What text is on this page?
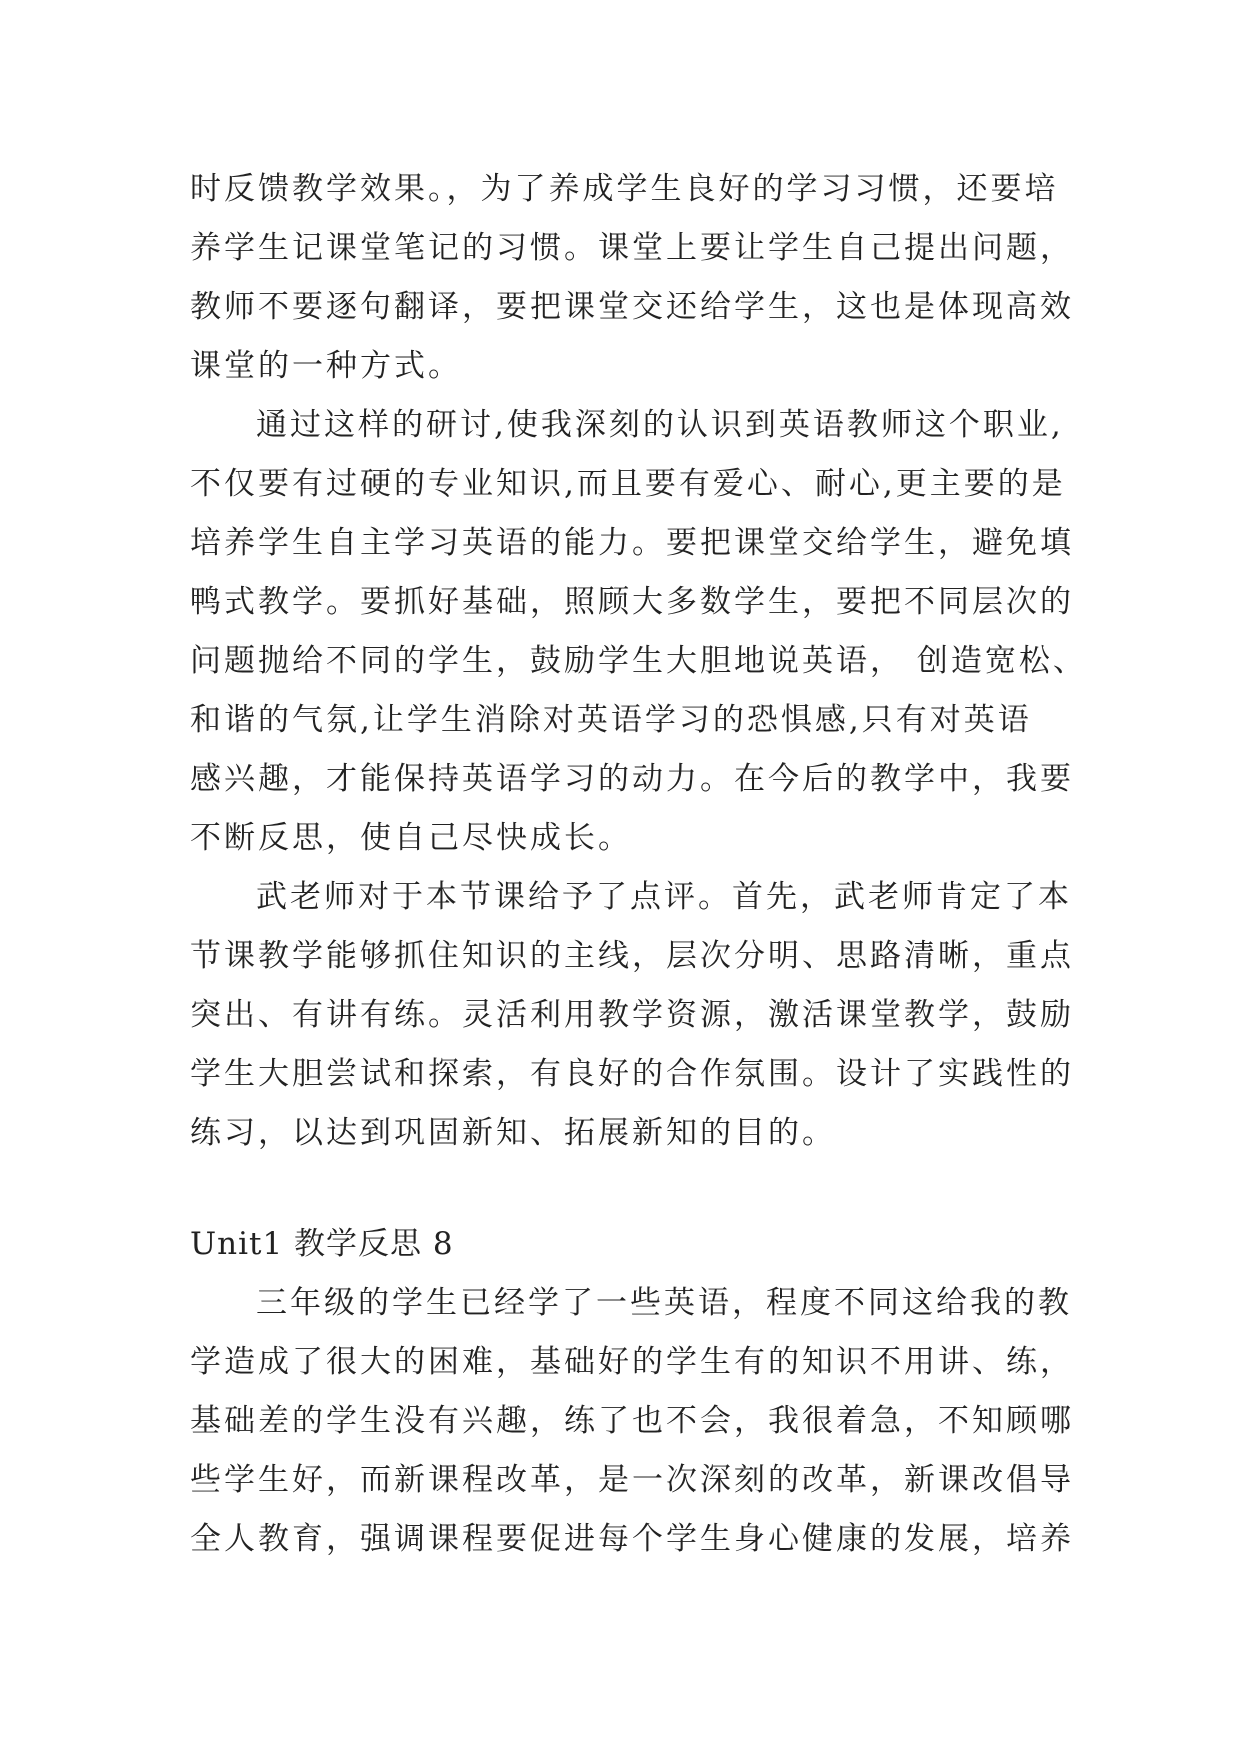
时反馈教学效果。，为了养成学生良好的学习习惯，还要培
养学生记课堂笔记的习惯。课堂上要让学生自己提出问题，
教师不要逐句翻译，要把课堂交还给学生，这也是体现高效
课堂的一种方式。
通过这样的研讨,使我深刻的认识到英语教师这个职业,
不仅要有过硬的专业知识,而且要有爱心、耐心,更主要的是
培养学生自主学习英语的能力。要把课堂交给学生，避免填
鸭式教学。要抓好基础，照顾大多数学生，要把不同层次的
问题抛给不同的学生，鼓励学生大胆地说英语， 创造宽松、
和谐的气氛,让学生消除对英语学习的恐惧感,只有对英语
感兴趣，才能保持英语学习的动力。在今后的教学中，我要
不断反思，使自己尽快成长。
武老师对于本节课给予了点评。首先，武老师肯定了本
节课教学能够抓住知识的主线，层次分明、思路清晰，重点
突出、有讲有练。灵活利用教学资源，激活课堂教学，鼓励
学生大胆尝试和探索，有良好的合作氛围。设计了实践性的
练习，以达到巩固新知、拓展新知的目的。
Unit1 教学反思 8
三年级的学生已经学了一些英语，程度不同这给我的教
学造成了很大的困难，基础好的学生有的知识不用讲、练，
基础差的学生没有兴趣，练了也不会，我很着急，不知顾哪
些学生好，而新课程改革，是一次深刻的改革，新课改倡导
全人教育，强调课程要促进每个学生身心健康的发展，培养
